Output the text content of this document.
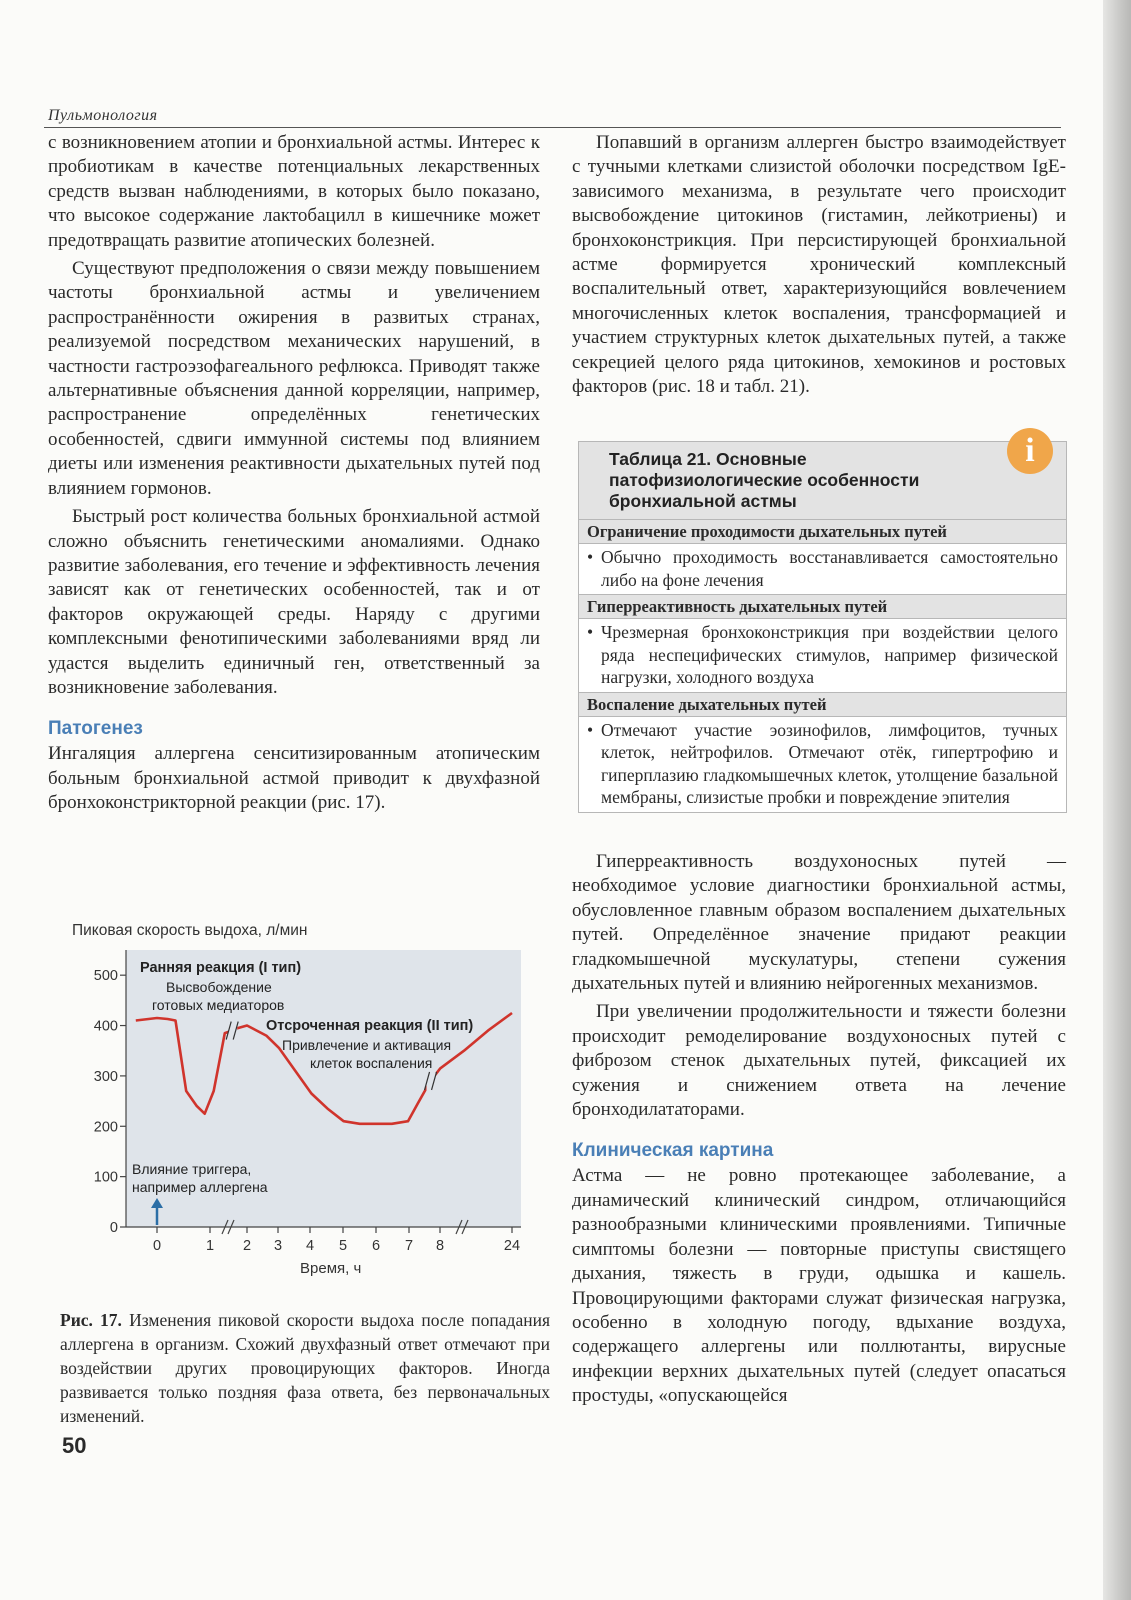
Пульмонология

с возникновением атопии и бронхиальной астмы. Интерес к пробиотикам в качестве потенциальных лекарственных средств вызван наблюдениями, в которых было показано, что высокое содержание лактобацилл в кишечнике может предотвращать развитие атопических болезней.

Существуют предположения о связи между повышением частоты бронхиальной астмы и увеличением распространённости ожирения в развитых странах, реализуемой посредством механических нарушений, в частности гастроэзофагеального рефлюкса. Приводят также альтернативные объяснения данной корреляции, например, распространение определённых генетических особенностей, сдвиги иммунной системы под влиянием диеты или изменения реактивности дыхательных путей под влиянием гормонов.

Быстрый рост количества больных бронхиальной астмой сложно объяснить генетическими аномалиями. Однако развитие заболевания, его течение и эффективность лечения зависят как от генетических особенностей, так и от факторов окружающей среды. Наряду с другими комплексными фенотипическими заболеваниями вряд ли удастся выделить единичный ген, ответственный за возникновение заболевания.

Патогенез

Ингаляция аллергена сенситизированным атопическим больным бронхиальной астмой приводит к двухфазной бронхоконстрикторной реакции (рис. 17).

Попавший в организм аллерген быстро взаимодействует с тучными клетками слизистой оболочки посредством IgE-зависимого механизма, в результате чего происходит высвобождение цитокинов (гистамин, лейкотриены) и бронхоконстрикция. При персистирующей бронхиальной астме формируется хронический комплексный воспалительный ответ, характеризующийся вовлечением многочисленных клеток воспаления, трансформацией и участием структурных клеток дыхательных путей, а также секрецией целого ряда цитокинов, хемокинов и ростовых факторов (рис. 18 и табл. 21).

Таблица 21. Основные патофизиологические особенности бронхиальной астмы
Ограничение проходимости дыхательных путей
• Обычно проходимость восстанавливается самостоятельно либо на фоне лечения
Гиперреактивность дыхательных путей
• Чрезмерная бронхоконстрикция при воздействии целого ряда неспецифических стимулов, например физической нагрузки, холодного воздуха
Воспаление дыхательных путей
• Отмечают участие эозинофилов, лимфоцитов, тучных клеток, нейтрофилов. Отмечают отёк, гипертрофию и гиперплазию гладкомышечных клеток, утолщение базальной мембраны, слизистые пробки и повреждение эпителия
i

Гиперреактивность воздухоносных путей — необходимое условие диагностики бронхиальной астмы, обусловленное главным образом воспалением дыхательных путей. Определённое значение придают реакции гладкомышечной мускулатуры, степени сужения дыхательных путей и влиянию нейрогенных механизмов.

При увеличении продолжительности и тяжести болезни происходит ремоделирование воздухоносных путей с фиброзом стенок дыхательных путей, фиксацией их сужения и снижением ответа на лечение бронходилататорами.

Клиническая картина

Астма — не ровно протекающее заболевание, а динамический клинический синдром, отличающийся разнообразными клиническими проявлениями. Типичные симптомы болезни — повторные приступы свистящего дыхания, тяжесть в груди, одышка и кашель. Провоцирующими факторами служат физическая нагрузка, особенно в холодную погоду, вдыхание воздуха, содержащего аллергены или поллютанты, вирусные инфекции верхних дыхательных путей (следует опасаться простуды, «опускающейся

Пиковая скорость выдоха, л/мин
0
100
200
300
400
500
0	1 2 3 4 5 6 7 8	24
Ранняя реакция (I тип)
Высвобождение
готовых медиаторов
Отсроченная реакция (II тип)
Привлечение и активация
клеток воспаления
Влияние триггера,
например аллергена
Время, ч
Рис. 17. Изменения пиковой скорости выдоха после попадания аллергена в организм. Схожий двухфазный ответ отмечают при воздействии других провоцирующих факторов. Иногда развивается только поздняя фаза ответа, без первоначальных изменений.
50
